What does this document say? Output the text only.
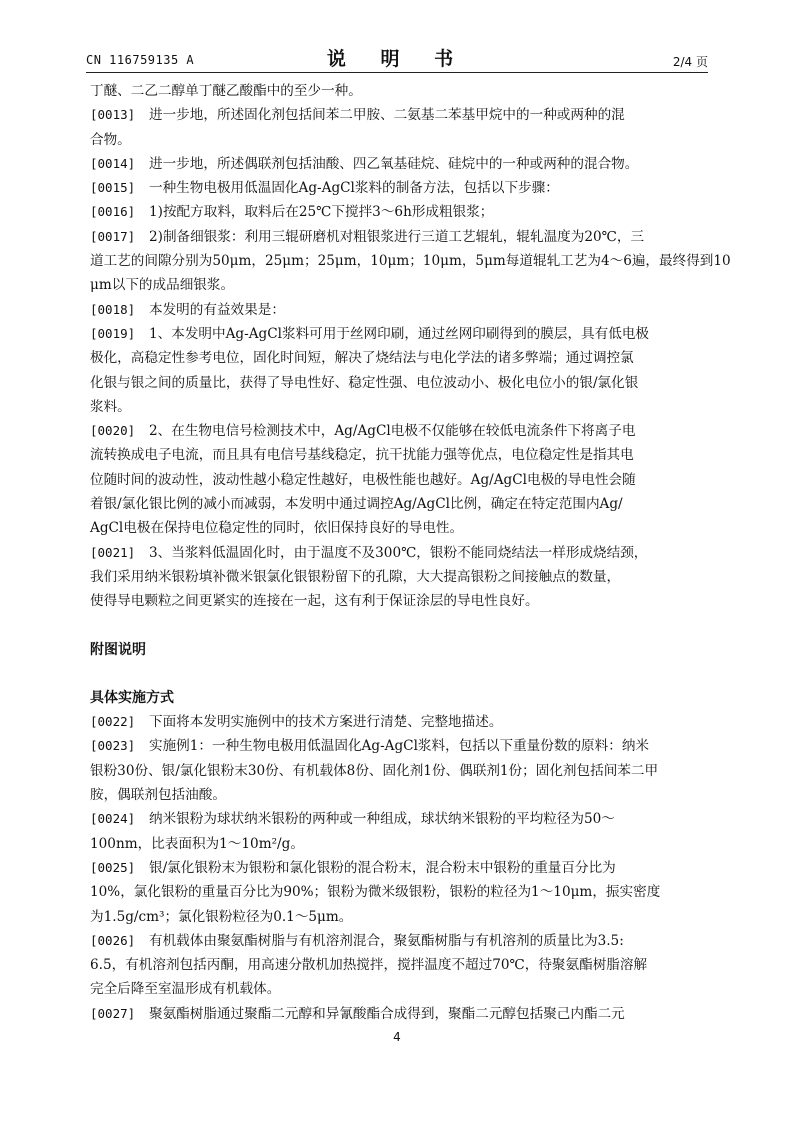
CN 116759135 A	说 明 书	2/4 页

丁醚、二乙二醇单丁醚乙酸酯中的至少一种。

[0013] 进一步地，所述固化剂包括间苯二甲胺、二氨基二苯基甲烷中的一种或两种的混
合物。
[0014] 进一步地，所述偶联剂包括油酸、四乙氧基硅烷、硅烷中的一种或两种的混合物。
[0015] 一种生物电极用低温固化Ag-AgCl浆料的制备方法，包括以下步骤：
[0016] 1)按配方取料，取料后在25℃下搅拌3～6h形成粗银浆；
[0017] 2)制备细银浆：利用三辊研磨机对粗银浆进行三道工艺辊轧，辊轧温度为20℃，三
道工艺的间隙分别为50μm，25μm；25μm，10μm；10μm，5μm每道辊轧工艺为4～6遍，最终得到10
μm以下的成品细银浆。
[0018] 本发明的有益效果是：
[0019] 1、本发明中Ag-AgCl浆料可用于丝网印刷，通过丝网印刷得到的膜层，具有低电极
极化，高稳定性参考电位，固化时间短，解决了烧结法与电化学法的诸多弊端；通过调控氯
化银与银之间的质量比，获得了导电性好、稳定性强、电位波动小、极化电位小的银/氯化银
浆料。
[0020] 2、在生物电信号检测技术中，Ag/AgCl电极不仅能够在较低电流条件下将离子电
流转换成电子电流，而且具有电信号基线稳定，抗干扰能力强等优点，电位稳定性是指其电
位随时间的波动性，波动性越小稳定性越好，电极性能也越好。Ag/AgCl电极的导电性会随
着银/氯化银比例的减小而减弱，本发明中通过调控Ag/AgCl比例，确定在特定范围内Ag/
AgCl电极在保持电位稳定性的同时，依旧保持良好的导电性。
[0021] 3、当浆料低温固化时，由于温度不及300℃，银粉不能同烧结法一样形成烧结颈，
我们采用纳米银粉填补微米银氯化银银粉留下的孔隙，大大提高银粉之间接触点的数量，
使得导电颗粒之间更紧实的连接在一起，这有利于保证涂层的导电性良好。
附图说明
具体实施方式
[0022] 下面将本发明实施例中的技术方案进行清楚、完整地描述。
[0023] 实施例1：一种生物电极用低温固化Ag-AgCl浆料，包括以下重量份数的原料：纳米
银粉30份、银/氯化银粉末30份、有机载体8份、固化剂1份、偶联剂1份；固化剂包括间苯二甲
胺，偶联剂包括油酸。
[0024] 纳米银粉为球状纳米银粉的两种或一种组成，球状纳米银粉的平均粒径为50～
100nm，比表面积为1～10m²/g。
[0025] 银/氯化银粉末为银粉和氯化银粉的混合粉末，混合粉末中银粉的重量百分比为
10%，氯化银粉的重量百分比为90%；银粉为微米级银粉，银粉的粒径为1～10μm，振实密度
为1.5g/cm³；氯化银粉粒径为0.1～5μm。
[0026] 有机载体由聚氨酯树脂与有机溶剂混合，聚氨酯树脂与有机溶剂的质量比为3.5:
6.5，有机溶剂包括丙酮，用高速分散机加热搅拌，搅拌温度不超过70℃，待聚氨酯树脂溶解
完全后降至室温形成有机载体。
[0027] 聚氨酯树脂通过聚酯二元醇和异氰酸酯合成得到，聚酯二元醇包括聚己内酯二元
4
